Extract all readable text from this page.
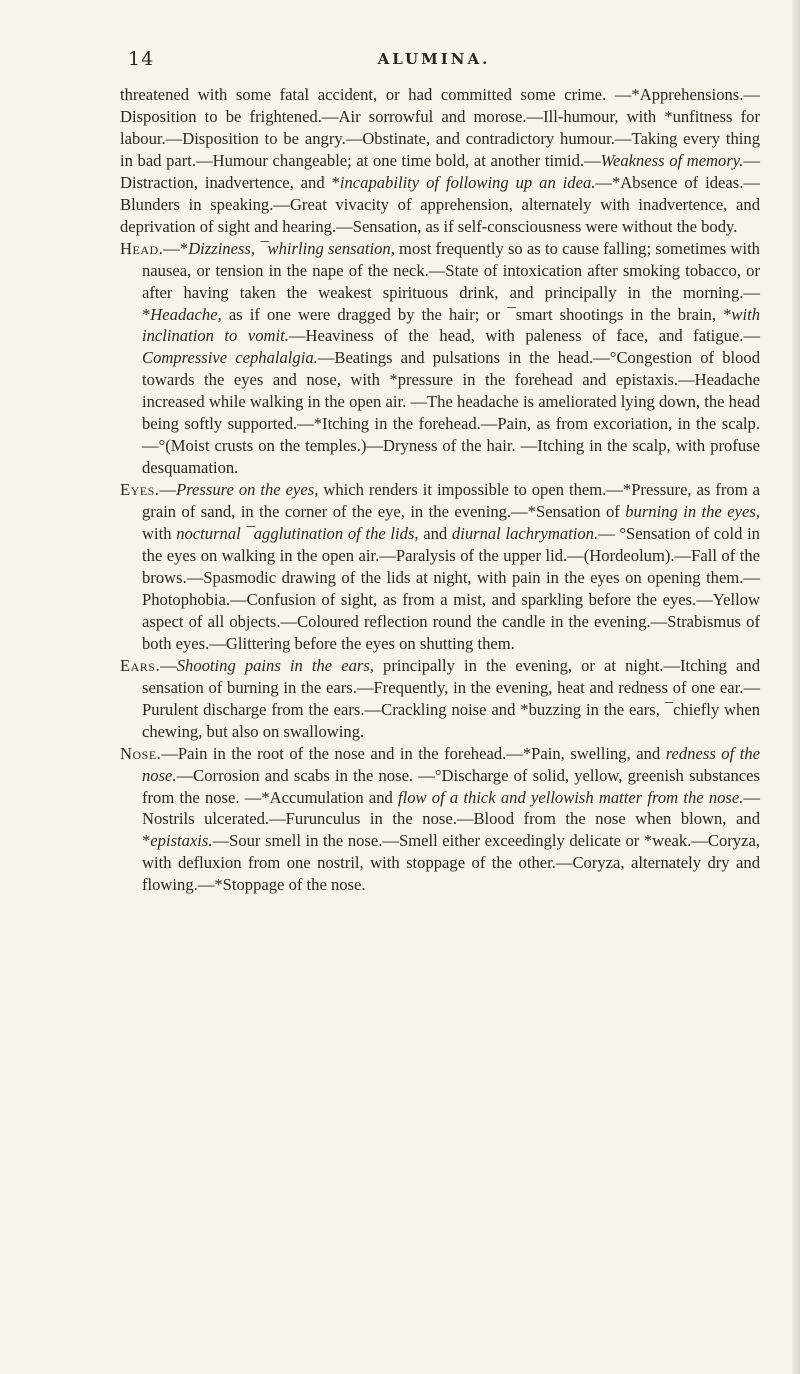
14	ALUMINA.

threatened with some fatal accident, or had committed some crime. —*Apprehensions.—Disposition to be frightened.—Air sorrowful and morose.—Ill-humour, with *unfitness for labour.—Disposition to be angry.—Obstinate, and contradictory humour.—Taking every thing in bad part.—Humour changeable; at one time bold, at another timid.—Weakness of memory.—Distraction, inadvertence, and *incapability of following up an idea.—*Absence of ideas.—Blunders in speaking.—Great vivacity of apprehension, alternately with inadvertence, and deprivation of sight and hearing.—Sensation, as if self-consciousness were without the body.

Head.—*Dizziness, ¯whirling sensation, most frequently so as to cause falling; sometimes with nausea, or tension in the nape of the neck.—State of intoxication after smoking tobacco, or after having taken the weakest spirituous drink, and principally in the morning.—*Headache, as if one were dragged by the hair; or ¯smart shootings in the brain, *with inclination to vomit.—Heaviness of the head, with paleness of face, and fatigue.—Compressive cephalalgia.—Beatings and pulsations in the head.—°Congestion of blood towards the eyes and nose, with *pressure in the forehead and epistaxis.—Headache increased while walking in the open air. —The headache is ameliorated lying down, the head being softly supported.—*Itching in the forehead.—Pain, as from excoriation, in the scalp.—°(Moist crusts on the temples.)—Dryness of the hair. —Itching in the scalp, with profuse desquamation.

Eyes.—Pressure on the eyes, which renders it impossible to open them.—*Pressure, as from a grain of sand, in the corner of the eye, in the evening.—*Sensation of burning in the eyes, with nocturnal ¯agglutination of the lids, and diurnal lachrymation.— °Sensation of cold in the eyes on walking in the open air.—Paralysis of the upper lid.—(Hordeolum).—Fall of the brows.—Spasmodic drawing of the lids at night, with pain in the eyes on opening them.—Photophobia.—Confusion of sight, as from a mist, and sparkling before the eyes.—Yellow aspect of all objects.—Coloured reflection round the candle in the evening.—Strabismus of both eyes.—Glittering before the eyes on shutting them.

Ears.—Shooting pains in the ears, principally in the evening, or at night.—Itching and sensation of burning in the ears.—Frequently, in the evening, heat and redness of one ear.—Purulent discharge from the ears.—Crackling noise and *buzzing in the ears, ¯chiefly when chewing, but also on swallowing.

Nose.—Pain in the root of the nose and in the forehead.—*Pain, swelling, and redness of the nose.—Corrosion and scabs in the nose. —°Discharge of solid, yellow, greenish substances from the nose. —*Accumulation and flow of a thick and yellowish matter from the nose.—Nostrils ulcerated.—Furunculus in the nose.—Blood from the nose when blown, and *epistaxis.—Sour smell in the nose.—Smell either exceedingly delicate or *weak.—Coryza, with defluxion from one nostril, with stoppage of the other.—Coryza, alternately dry and flowing.—*Stoppage of the nose.
